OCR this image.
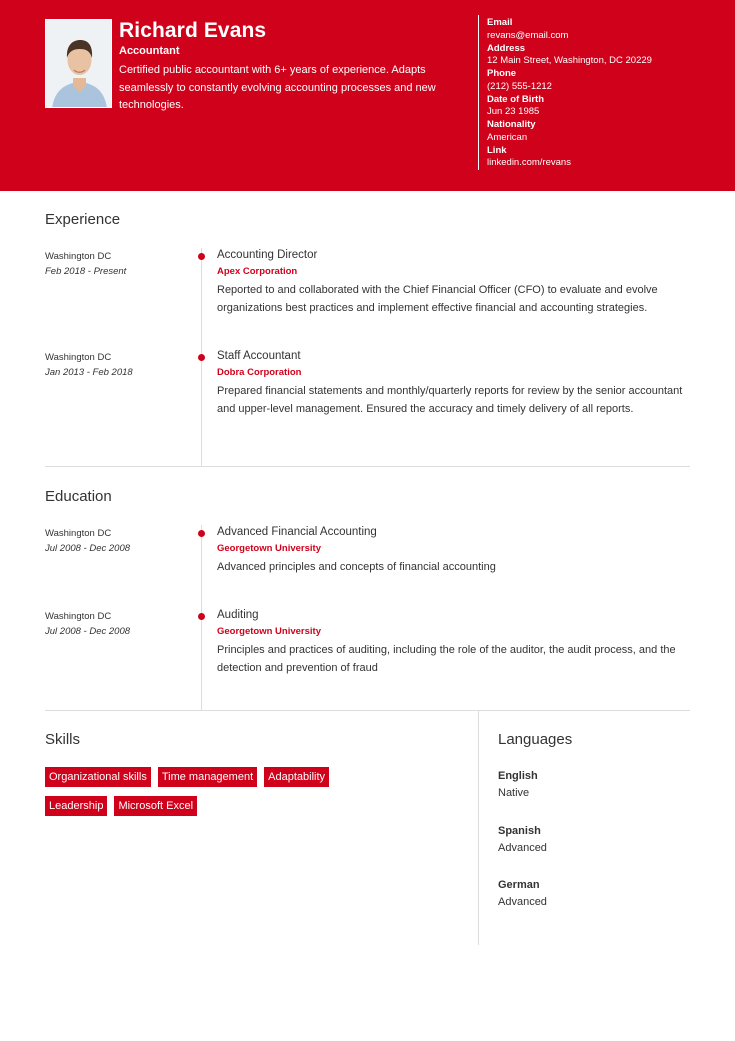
Richard Evans
Accountant
Certified public accountant with 6+ years of experience. Adapts seamlessly to constantly evolving accounting processes and new technologies.
Email
revans@email.com
Address
12 Main Street, Washington, DC 20229
Phone
(212) 555-1212
Date of Birth
Jun 23 1985
Nationality
American
Link
linkedin.com/revans
Experience
Washington DC
Feb 2018 - Present
Accounting Director
Apex Corporation
Reported to and collaborated with the Chief Financial Officer (CFO) to evaluate and evolve organizations best practices and implement effective financial and accounting strategies.
Washington DC
Jan 2013 - Feb 2018
Staff Accountant
Dobra Corporation
Prepared financial statements and monthly/quarterly reports for review by the senior accountant and upper-level management. Ensured the accuracy and timely delivery of all reports.
Education
Washington DC
Jul 2008 - Dec 2008
Advanced Financial Accounting
Georgetown University
Advanced principles and concepts of financial accounting
Washington DC
Jul 2008 - Dec 2008
Auditing
Georgetown University
Principles and practices of auditing, including the role of the auditor, the audit process, and the detection and prevention of fraud
Skills
Organizational skills	Time management	Adaptability
Leadership	Microsoft Excel
Languages
English
Native
Spanish
Advanced
German
Advanced
